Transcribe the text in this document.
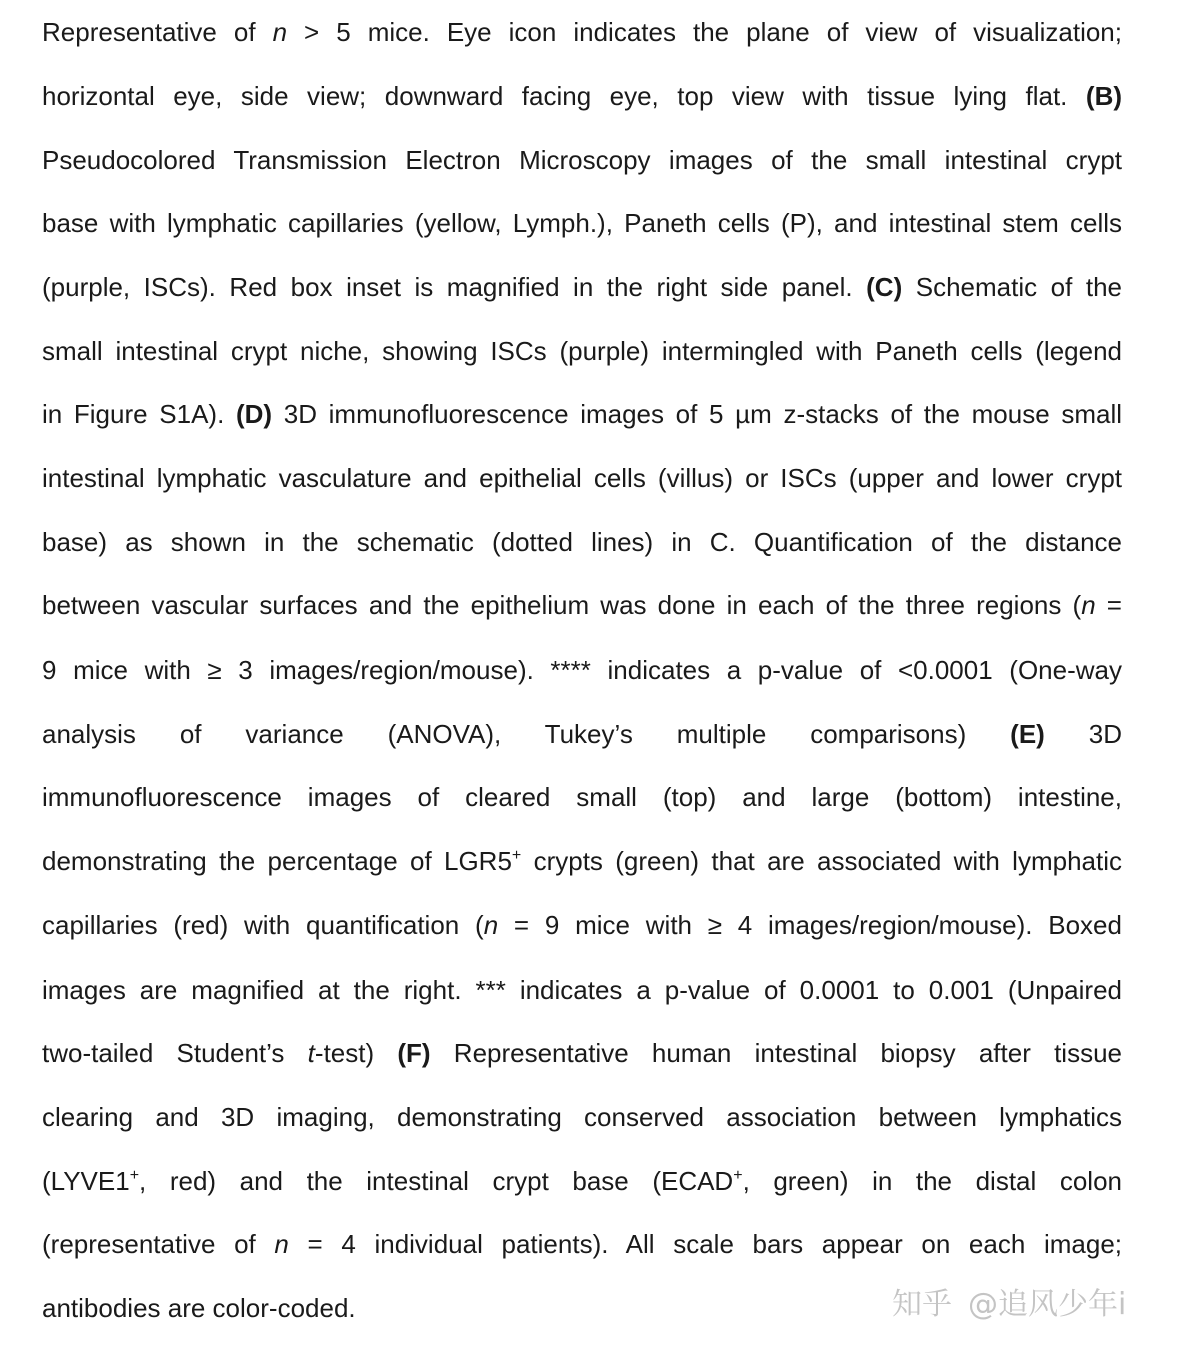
Representative of n > 5 mice. Eye icon indicates the plane of view of visualization;
horizontal eye, side view; downward facing eye, top view with tissue lying flat. (B)
Pseudocolored Transmission Electron Microscopy images of the small intestinal crypt
base with lymphatic capillaries (yellow, Lymph.), Paneth cells (P), and intestinal stem cells
(purple, ISCs). Red box inset is magnified in the right side panel. (C) Schematic of the
small intestinal crypt niche, showing ISCs (purple) intermingled with Paneth cells (legend
in Figure S1A). (D) 3D immunofluorescence images of 5 µm z-stacks of the mouse small
intestinal lymphatic vasculature and epithelial cells (villus) or ISCs (upper and lower crypt
base) as shown in the schematic (dotted lines) in C. Quantification of the distance
between vascular surfaces and the epithelium was done in each of the three regions (n =
9 mice with ≥ 3 images/region/mouse). **** indicates a p-value of <0.0001 (One-way
analysis of variance (ANOVA), Tukey’s multiple comparisons) (E) 3D
immunofluorescence images of cleared small (top) and large (bottom) intestine,
demonstrating the percentage of LGR5+ crypts (green) that are associated with lymphatic
capillaries (red) with quantification (n = 9 mice with ≥ 4 images/region/mouse). Boxed
images are magnified at the right. *** indicates a p-value of 0.0001 to 0.001 (Unpaired
two-tailed Student’s t-test) (F) Representative human intestinal biopsy after tissue
clearing and 3D imaging, demonstrating conserved association between lymphatics
(LYVE1+, red) and the intestinal crypt base (ECAD+, green) in the distal colon
(representative of n = 4 individual patients). All scale bars appear on each image;
antibodies are color-coded.	知乎 @追风少年i
